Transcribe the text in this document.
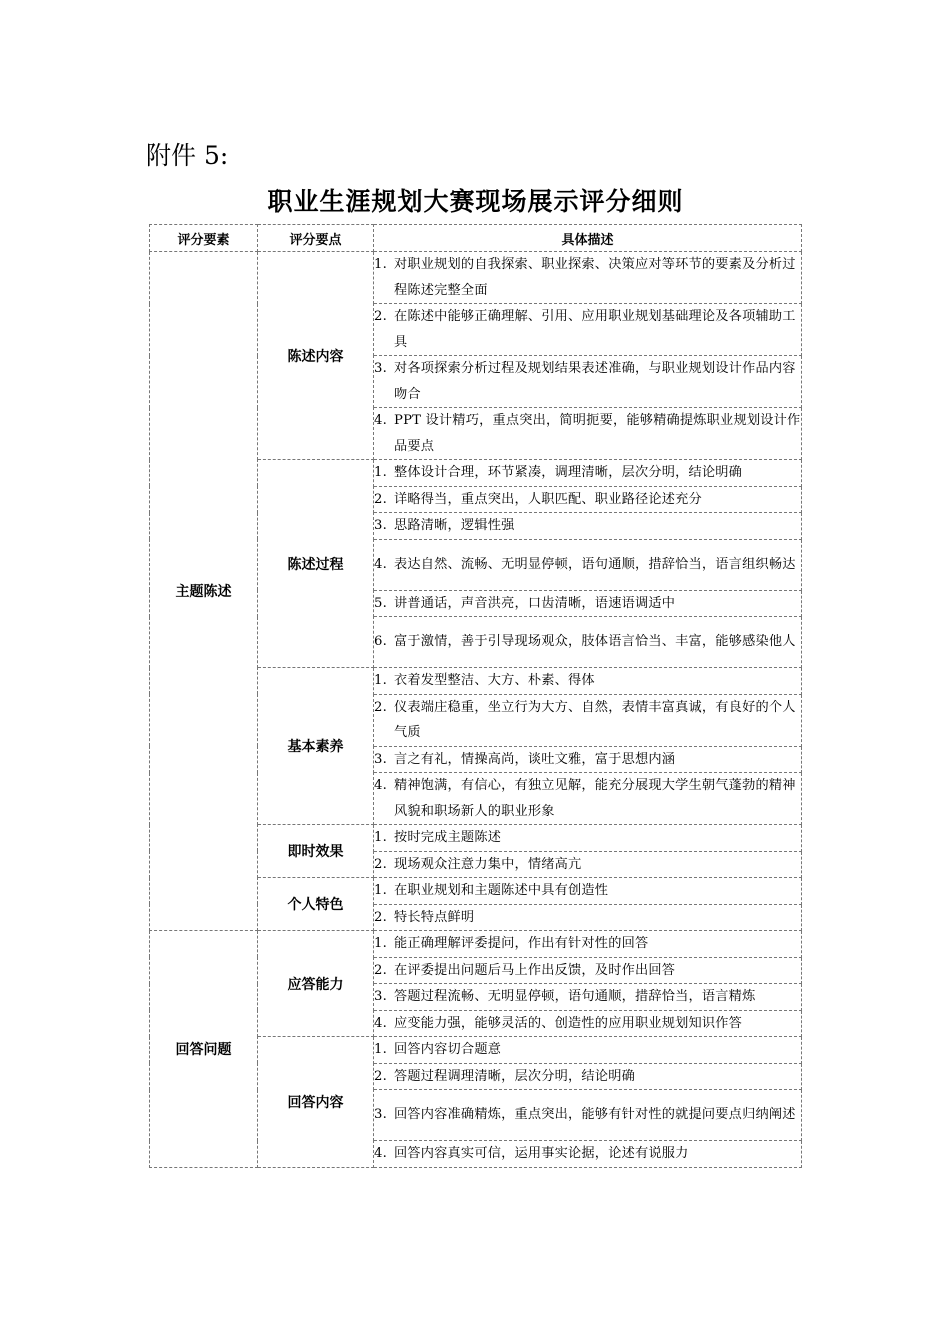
附件 5:
职业生涯规划大赛现场展示评分细则
评分要素	评分要点	具体描述
主题陈述	陈述内容	1. 对职业规划的自我探索、职业探索、决策应对等环节的要素及分析过程陈述完整全面

		2. 在陈述中能够正确理解、引用、应用职业规划基础理论及各项辅助工具

		3. 对各项探索分析过程及规划结果表述准确，与职业规划设计作品内容吻合

		4. PPT 设计精巧，重点突出，简明扼要，能够精确提炼职业规划设计作品要点

	陈述过程	1. 整体设计合理，环节紧凑，调理清晰，层次分明，结论明确

		2. 详略得当，重点突出，人职匹配、职业路径论述充分

		3. 思路清晰，逻辑性强

		4. 表达自然、流畅、无明显停顿，语句通顺，措辞恰当，语言组织畅达

		5. 讲普通话，声音洪亮，口齿清晰，语速语调适中

		6. 富于激情，善于引导现场观众，肢体语言恰当、丰富，能够感染他人

	基本素养	1. 衣着发型整洁、大方、朴素、得体

		2. 仪表端庄稳重，坐立行为大方、自然，表情丰富真诚，有良好的个人气质

		3. 言之有礼，情操高尚，谈吐文雅，富于思想内涵

		4. 精神饱满，有信心，有独立见解，能充分展现大学生朝气蓬勃的精神风貌和职场新人的职业形象

	即时效果	1. 按时完成主题陈述

		2. 现场观众注意力集中，情绪高亢

	个人特色	1. 在职业规划和主题陈述中具有创造性

		2. 特长特点鲜明

回答问题	应答能力	1. 能正确理解评委提问，作出有针对性的回答

		2. 在评委提出问题后马上作出反馈，及时作出回答

		3. 答题过程流畅、无明显停顿，语句通顺，措辞恰当，语言精炼

		4. 应变能力强，能够灵活的、创造性的应用职业规划知识作答

	回答内容	1. 回答内容切合题意

		2. 答题过程调理清晰，层次分明，结论明确

		3. 回答内容准确精炼，重点突出，能够有针对性的就提问要点归纳阐述

		4. 回答内容真实可信，运用事实论据，论述有说服力
